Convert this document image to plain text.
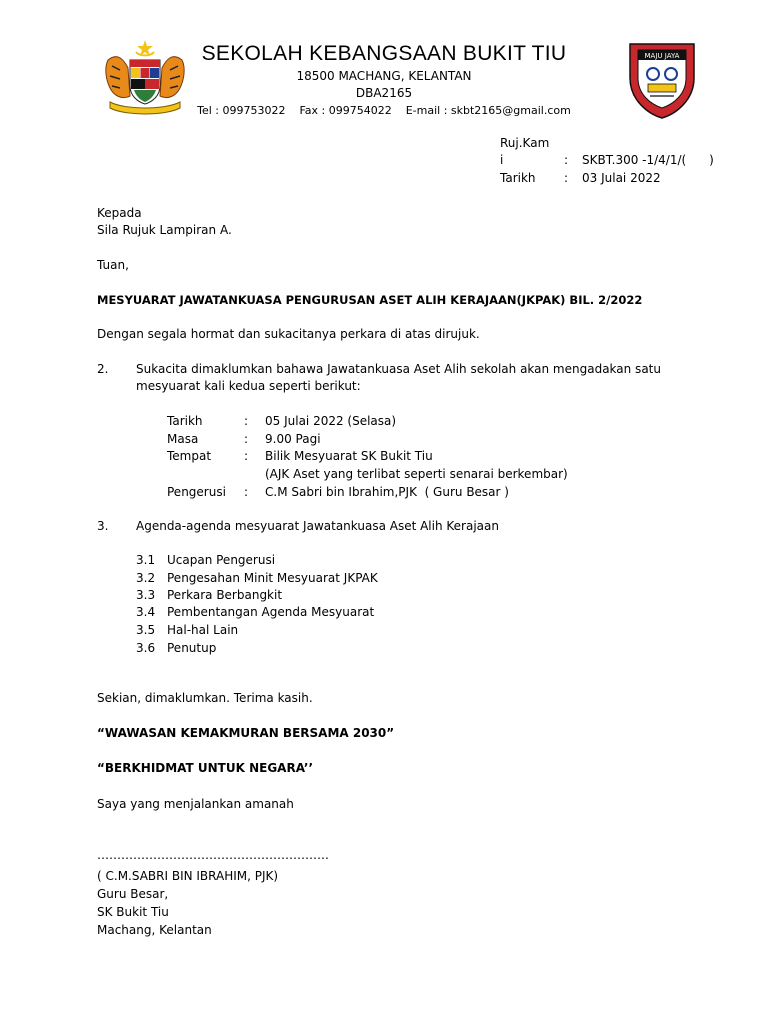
MAJU JAYA
SEKOLAH KEBANGSAAN BUKIT TIU
18500 MACHANG, KELANTAN
DBA2165
Tel : 099753022    Fax : 099754022    E-mail : skbt2165@gmail.com
Ruj.Kam
i	: SKBT.300 -1/4/1/(      )
Tarikh : 03 Julai 2022
Kepada
Sila Rujuk Lampiran A.
Tuan,
MESYUARAT JAWATANKUASA PENGURUSAN ASET ALIH KERAJAAN(JKPAK) BIL. 2/2022
Dengan segala hormat dan sukacitanya perkara di atas dirujuk.
2. Sukacita dimaklumkan bahawa Jawatankuasa Aset Alih sekolah akan mengadakan satu
mesyuarat kali kedua seperti berikut:
Tarikh	: 05 Julai 2022 (Selasa)
Masa	: 9.00 Pagi
Tempat	: Bilik Mesyuarat SK Bukit Tiu
(AJK Aset yang terlibat seperti senarai berkembar)
Pengerusi : C.M Sabri bin Ibrahim,PJK  ( Guru Besar )
3. Agenda-agenda mesyuarat Jawatankuasa Aset Alih Kerajaan
3.1 Ucapan Pengerusi
3.2 Pengesahan Minit Mesyuarat JKPAK
3.3 Perkara Berbangkit
3.4 Pembentangan Agenda Mesyuarat
3.5 Hal-hal Lain
3.6 Penutup
Sekian, dimaklumkan. Terima kasih.
“WAWASAN KEMAKMURAN BERSAMA 2030”
“BERKHIDMAT UNTUK NEGARA’’
Saya yang menjalankan amanah
………………………………………………….
( C.M.SABRI BIN IBRAHIM, PJK)
Guru Besar,
SK Bukit Tiu
Machang, Kelantan
